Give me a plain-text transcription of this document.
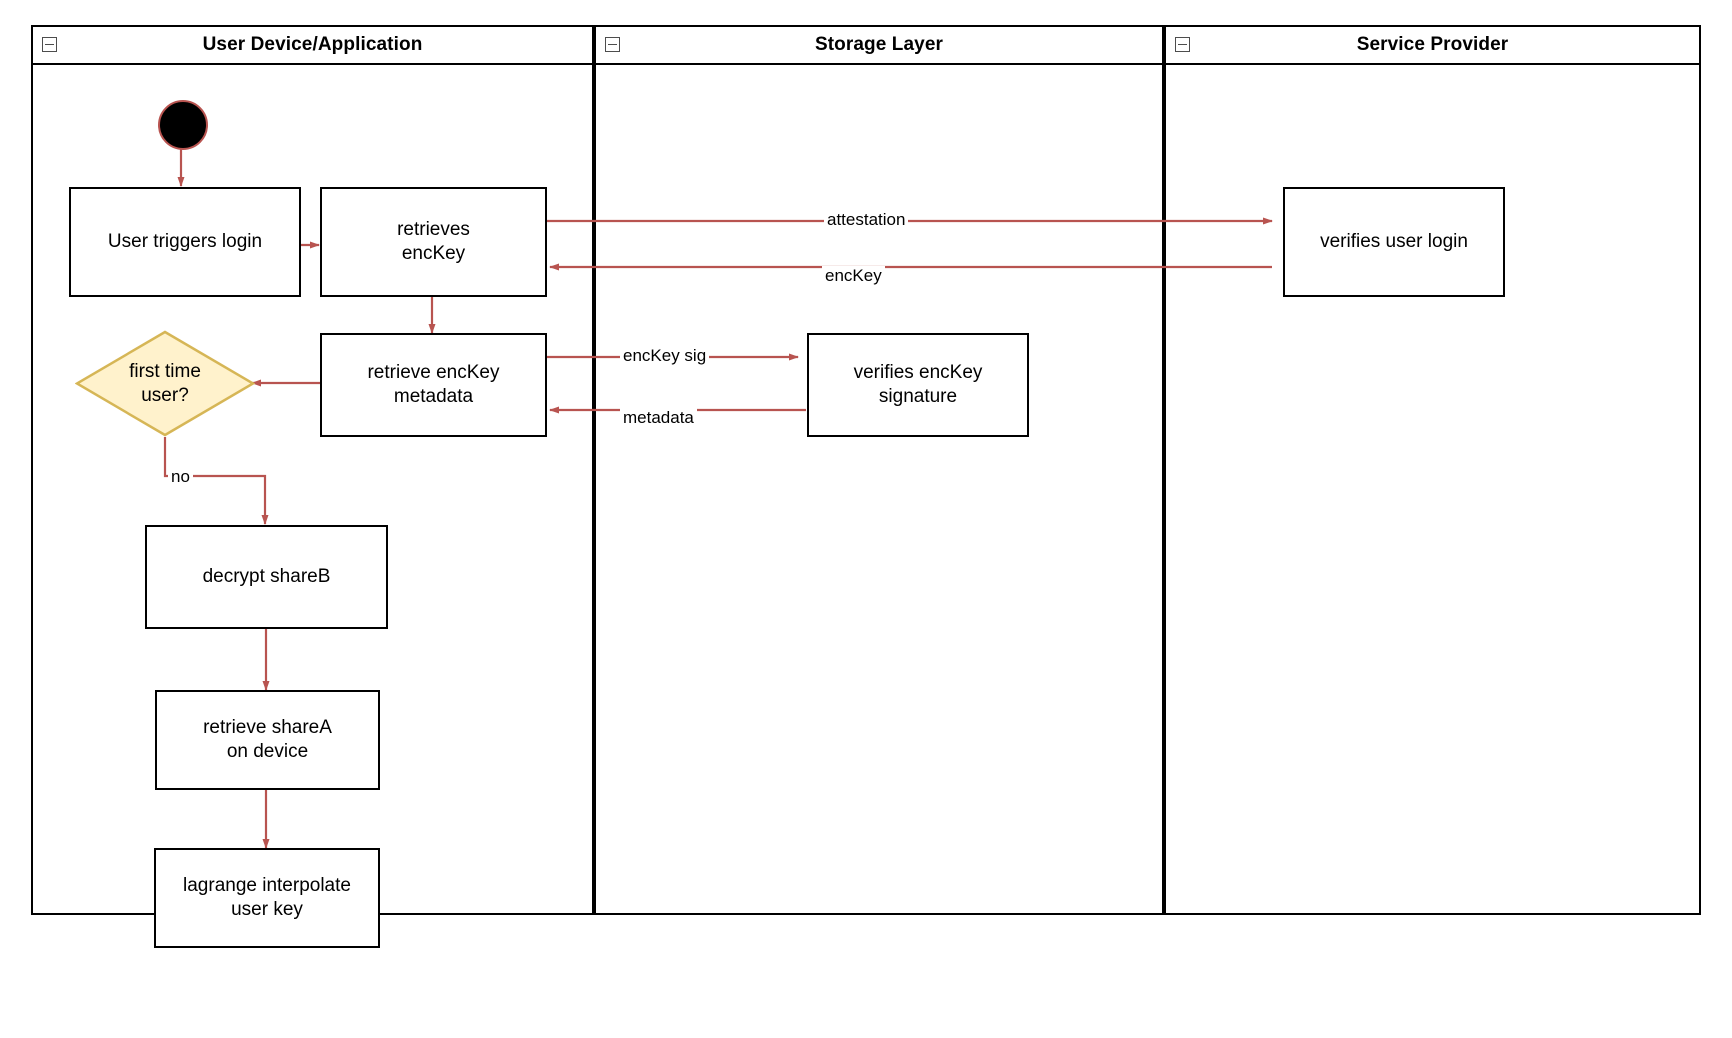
User Device/Application	Storage Layer	Service Provider
User triggers login
retrieves
encKey
retrieve encKey
metadata
first time
user?
decrypt shareB
retrieve shareA
on device
lagrange interpolate
user key
verifies encKey
signature
verifies user login
attestation
encKey
encKey sig
metadata
no
